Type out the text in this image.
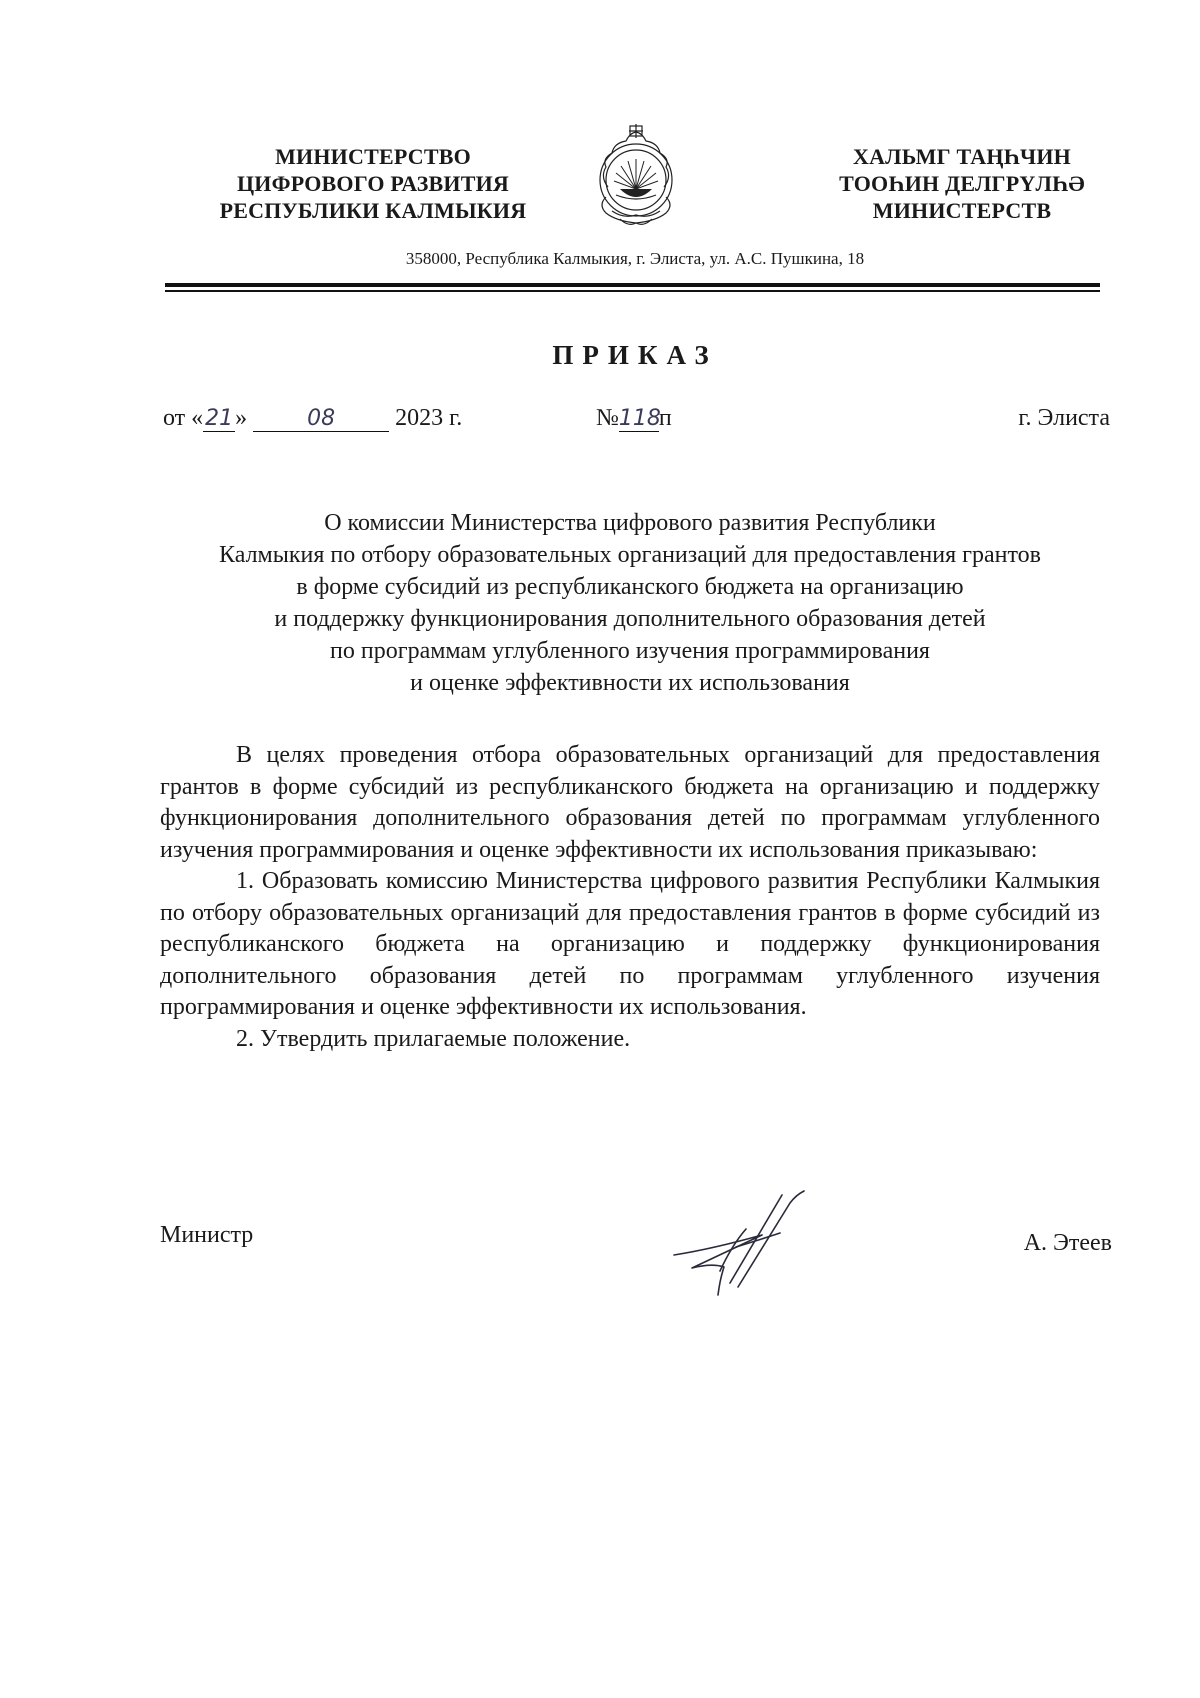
МИНИСТЕРСТВО
ЦИФРОВОГО РАЗВИТИЯ
РЕСПУБЛИКИ КАЛМЫКИЯ
ХАЛЬМГ ТАҢҺЧИН
ТООҺИН ДЕЛГРҮЛҺӘ
МИНИСТЕРСТВ
358000, Республика Калмыкия, г. Элиста, ул. А.С. Пушкина, 18
ПРИКАЗ
от «21»	08	2023 г.	№118п	г. Элиста
О комиссии Министерства цифрового развития Республики
Калмыкия по отбору образовательных организаций для предоставления грантов
в форме субсидий из республиканского бюджета на организацию
и поддержку функционирования дополнительного образования детей
по программам углубленного изучения программирования
и оценке эффективности их использования

В целях проведения отбора образовательных организаций для предоставления грантов в форме субсидий из республиканского бюджета на организацию и поддержку функционирования дополнительного образования детей по программам углубленного изучения программирования и оценке эффективности их использования приказываю:

1. Образовать комиссию Министерства цифрового развития Республики Калмыкия по отбору образовательных организаций для предоставления грантов в форме субсидий из республиканского бюджета на организацию и поддержку функционирования дополнительного образования детей по программам углубленного изучения программирования и оценке эффективности их использования.

2. Утвердить прилагаемые положение.

Министр	А. Этеев
